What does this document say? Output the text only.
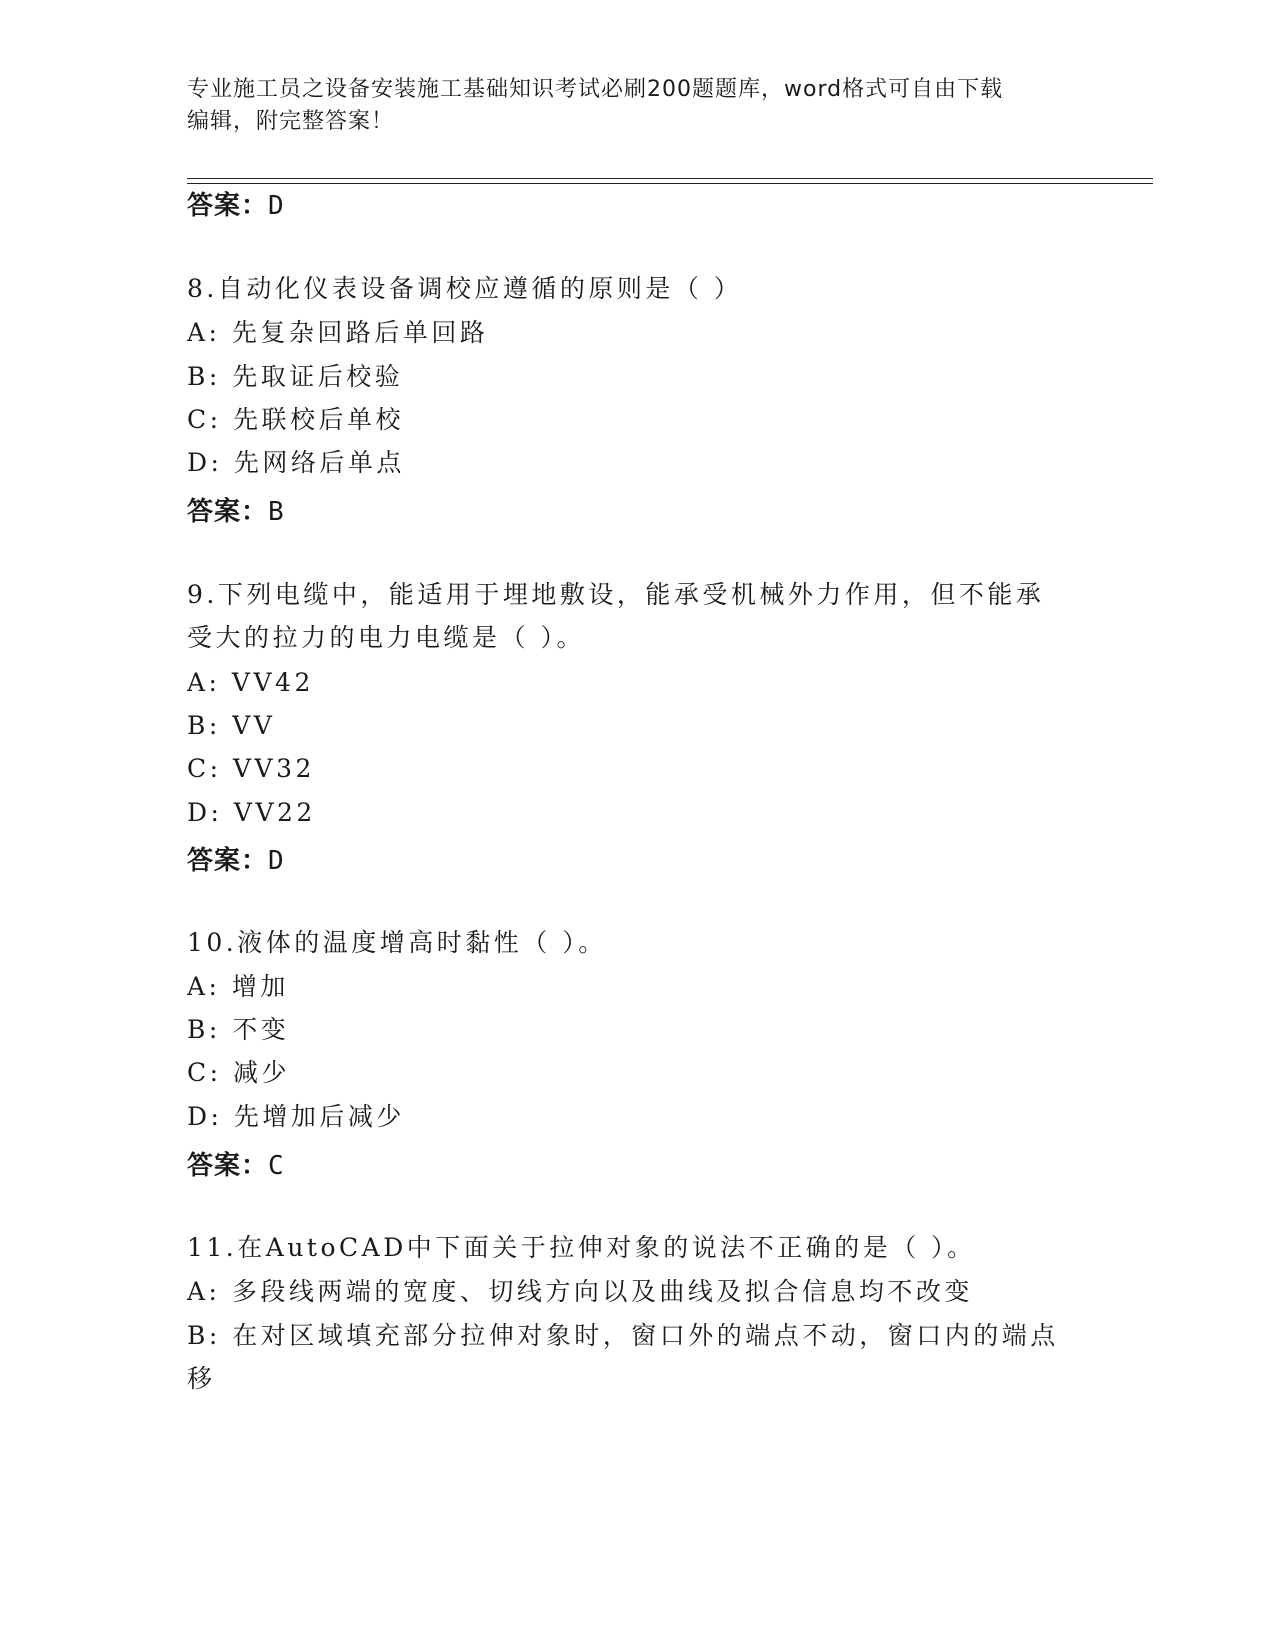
专业施工员之设备安装施工基础知识考试必刷200题题库，word格式可自由下载
编辑，附完整答案！
答案：D
8.自动化仪表设备调校应遵循的原则是（ ）
A: 先复杂回路后单回路
B: 先取证后校验
C: 先联校后单校
D: 先网络后单点
答案：B
9.下列电缆中，能适用于埋地敷设，能承受机械外力作用，但不能承
受大的拉力的电力电缆是（ ）。
A: VV42
B: VV
C: VV32
D: VV22
答案：D
10.液体的温度增高时黏性（ ）。
A: 增加
B: 不变
C: 减少
D: 先增加后减少
答案：C
11.在AutoCAD中下面关于拉伸对象的说法不正确的是（ ）。
A: 多段线两端的宽度、切线方向以及曲线及拟合信息均不改变
B: 在对区域填充部分拉伸对象时，窗口外的端点不动，窗口内的端点
移
